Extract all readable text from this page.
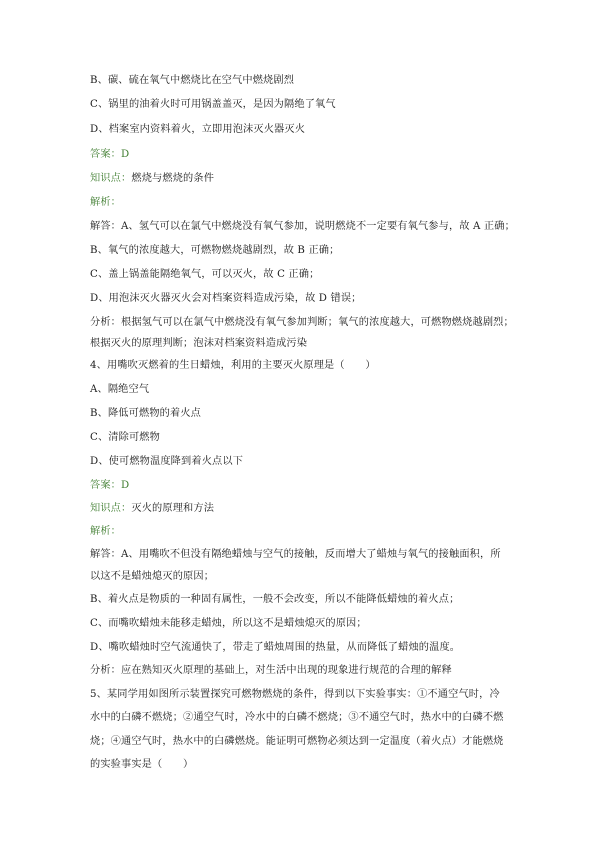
B、碳、硫在氧气中燃烧比在空气中燃烧剧烈
C、锅里的油着火时可用锅盖盖灭，是因为隔绝了氧气
D、档案室内资料着火，立即用泡沫灭火器灭火
答案：D
知识点：燃烧与燃烧的条件
解析：
解答：A、氢气可以在氯气中燃烧没有氧气参加，说明燃烧不一定要有氧气参与，故 A 正确；
B、氧气的浓度越大，可燃物燃烧越剧烈，故 B 正确；
C、盖上锅盖能隔绝氧气，可以灭火，故 C 正确；
D、用泡沫灭火器灭火会对档案资料造成污染，故 D 错误；
分析：根据氢气可以在氯气中燃烧没有氧气参加判断；氧气的浓度越大，可燃物燃烧越剧烈；
根据灭火的原理判断；泡沫对档案资料造成污染
4、用嘴吹灭燃着的生日蜡烛，利用的主要灭火原理是（　　）
A、隔绝空气
B、降低可燃物的着火点
C、清除可燃物
D、使可燃物温度降到着火点以下
答案：D
知识点：灭火的原理和方法
解析：
解答：A、用嘴吹不但没有隔绝蜡烛与空气的接触，反而增大了蜡烛与氧气的接触面积，所
以这不是蜡烛熄灭的原因；
B、着火点是物质的一种固有属性，一般不会改变，所以不能降低蜡烛的着火点；
C、而嘴吹蜡烛未能移走蜡烛，所以这不是蜡烛熄灭的原因；
D、嘴吹蜡烛时空气流通快了，带走了蜡烛周围的热量，从而降低了蜡烛的温度。
分析：应在熟知灭火原理的基础上，对生活中出现的现象进行规范的合理的解释
5、某同学用如图所示装置探究可燃物燃烧的条件，得到以下实验事实：①不通空气时，冷
水中的白磷不燃烧；②通空气时，冷水中的白磷不燃烧；③不通空气时，热水中的白磷不燃
烧；④通空气时，热水中的白磷燃烧。能证明可燃物必须达到一定温度（着火点）才能燃烧
的实验事实是（　　）
